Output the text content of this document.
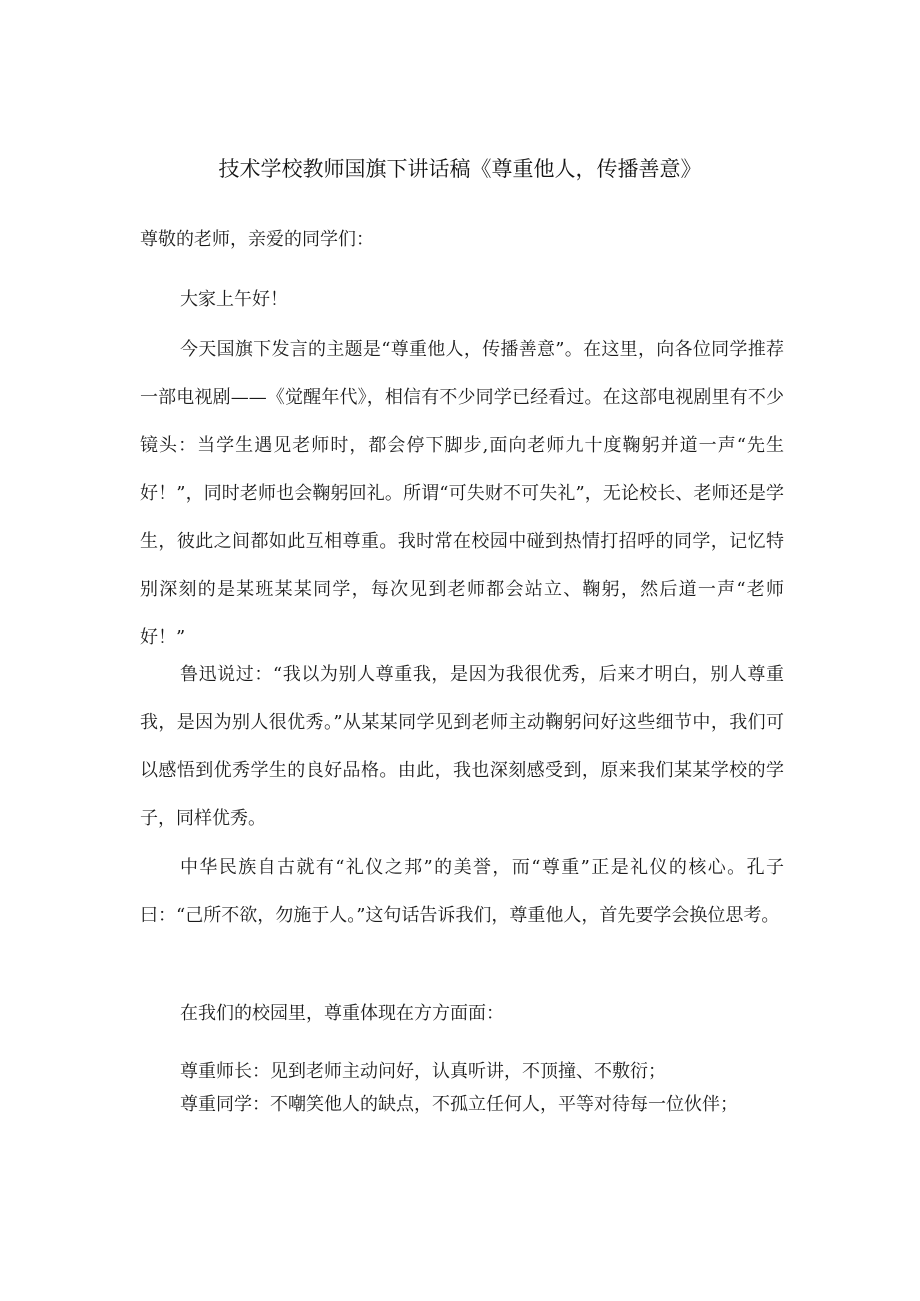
技术学校教师国旗下讲话稿《尊重他人，传播善意》
尊敬的老师，亲爱的同学们：
大家上午好！
今天国旗下发言的主题是“尊重他人，传播善意”。在这里，向各位同学推荐一部电视剧——《觉醒年代》，相信有不少同学已经看过。在这部电视剧里有不少镜头：当学生遇见老师时，都会停下脚步,面向老师九十度鞠躬并道一声“先生好！”，同时老师也会鞠躬回礼。所谓“可失财不可失礼”，无论校长、老师还是学生，彼此之间都如此互相尊重。我时常在校园中碰到热情打招呼的同学，记忆特别深刻的是某班某某同学，每次见到老师都会站立、鞠躬，然后道一声“老师好！”
鲁迅说过：“我以为别人尊重我，是因为我很优秀，后来才明白，别人尊重我，是因为别人很优秀。”从某某同学见到老师主动鞠躬问好这些细节中，我们可以感悟到优秀学生的良好品格。由此，我也深刻感受到，原来我们某某学校的学子，同样优秀。
中华民族自古就有“礼仪之邦”的美誉，而“尊重”正是礼仪的核心。孔子曰：“己所不欲，勿施于人。”这句话告诉我们，尊重他人，首先要学会换位思考。
在我们的校园里，尊重体现在方方面面：
尊重师长：见到老师主动问好，认真听讲，不顶撞、不敷衍；
尊重同学：不嘲笑他人的缺点，不孤立任何人，平等对待每一位伙伴；
